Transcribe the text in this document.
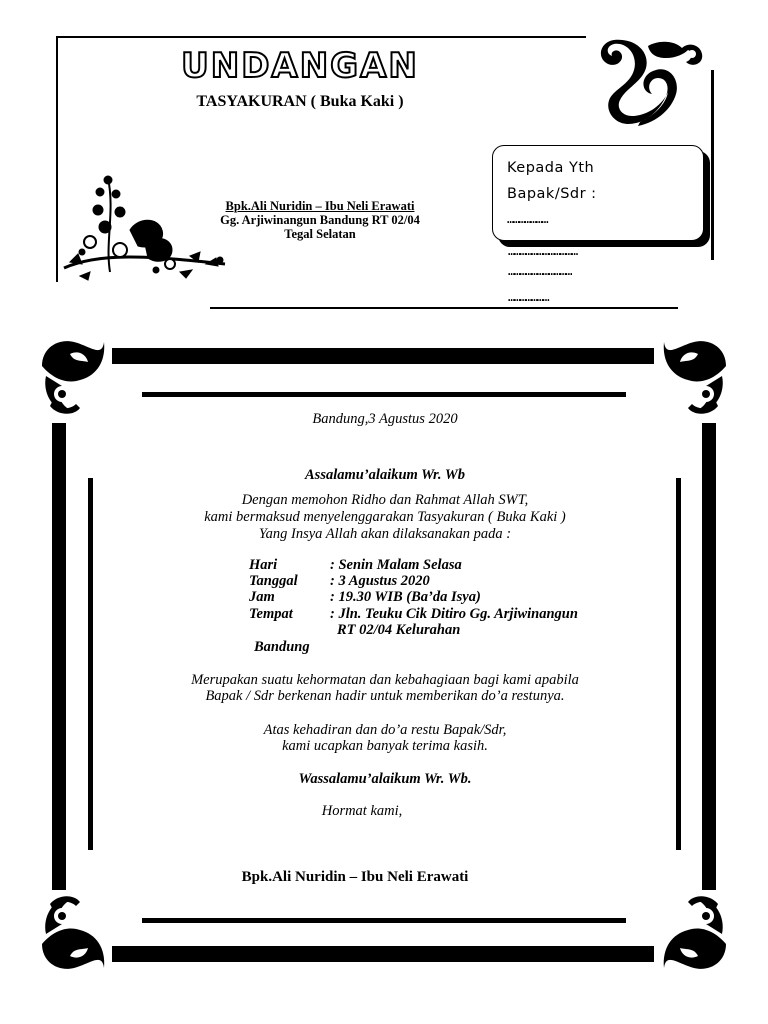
UNDANGAN
TASYAKURAN ( Buka Kaki )
Bpk.Ali Nuridin – Ibu Neli Erawati
Gg. Arjiwinangun Bandung RT 02/04
Tegal Selatan
Kepada Yth
Bapak/Sdr :
…………………
………………………………
……………………………
…………………
Bandung,3 Agustus 2020
Assalamu’alaikum Wr. Wb
Dengan memohon Ridho dan Rahmat Allah SWT,
kami bermaksud menyelenggarakan Tasyakuran ( Buka Kaki )
Yang Insya Allah akan dilaksanakan pada :
Hari	: Senin Malam Selasa
Tanggal : 3 Agustus 2020
Jam	: 19.30 WIB (Ba’da Isya)
Tempat	: Jln. Teuku Cik Ditiro Gg. Arjiwinangun
RT 02/04 Kelurahan
Bandung
Merupakan suatu kehormatan dan kebahagiaan bagi kami apabila
Bapak / Sdr berkenan hadir untuk memberikan do’a restunya.
Atas kehadiran dan do’a restu Bapak/Sdr,
kami ucapkan banyak terima kasih.
Wassalamu’alaikum Wr. Wb.
Hormat kami,
Bpk.Ali Nuridin – Ibu Neli Erawati
